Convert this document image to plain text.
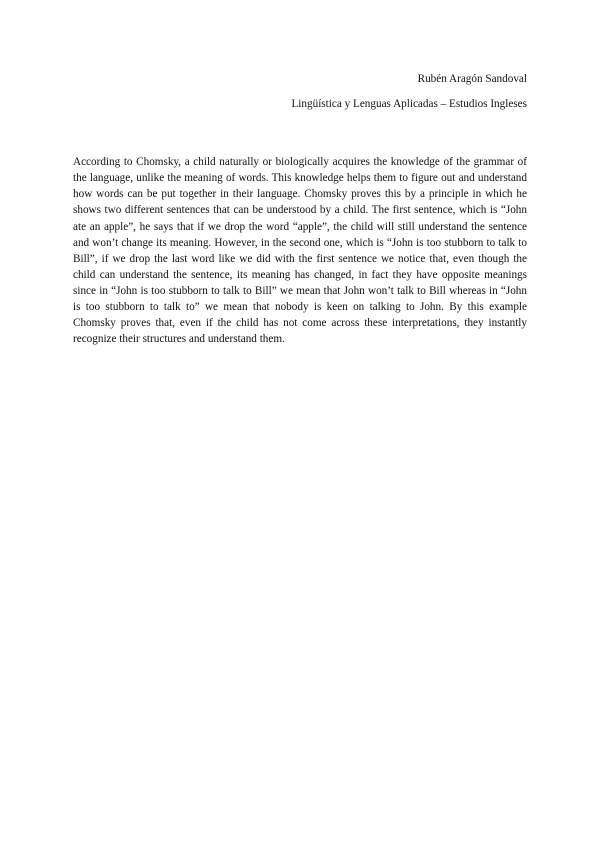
Rubén Aragón Sandoval
Lingüística y Lenguas Aplicadas – Estudios Ingleses

According to Chomsky, a child naturally or biologically acquires the knowledge of the grammar of the language, unlike the meaning of words. This knowledge helps them to figure out and understand how words can be put together in their language. Chomsky proves this by a principle in which he shows two different sentences that can be understood by a child. The first sentence, which is “John ate an apple”, he says that if we drop the word “apple”, the child will still understand the sentence and won’t change its meaning. However, in the second one, which is “John is too stubborn to talk to Bill”, if we drop the last word like we did with the first sentence we notice that, even though the child can understand the sentence, its meaning has changed, in fact they have opposite meanings since in “John is too stubborn to talk to Bill” we mean that John won’t talk to Bill whereas in “John is too stubborn to talk to” we mean that nobody is keen on talking to John. By this example Chomsky proves that, even if the child has not come across these interpretations, they instantly recognize their structures and understand them.
